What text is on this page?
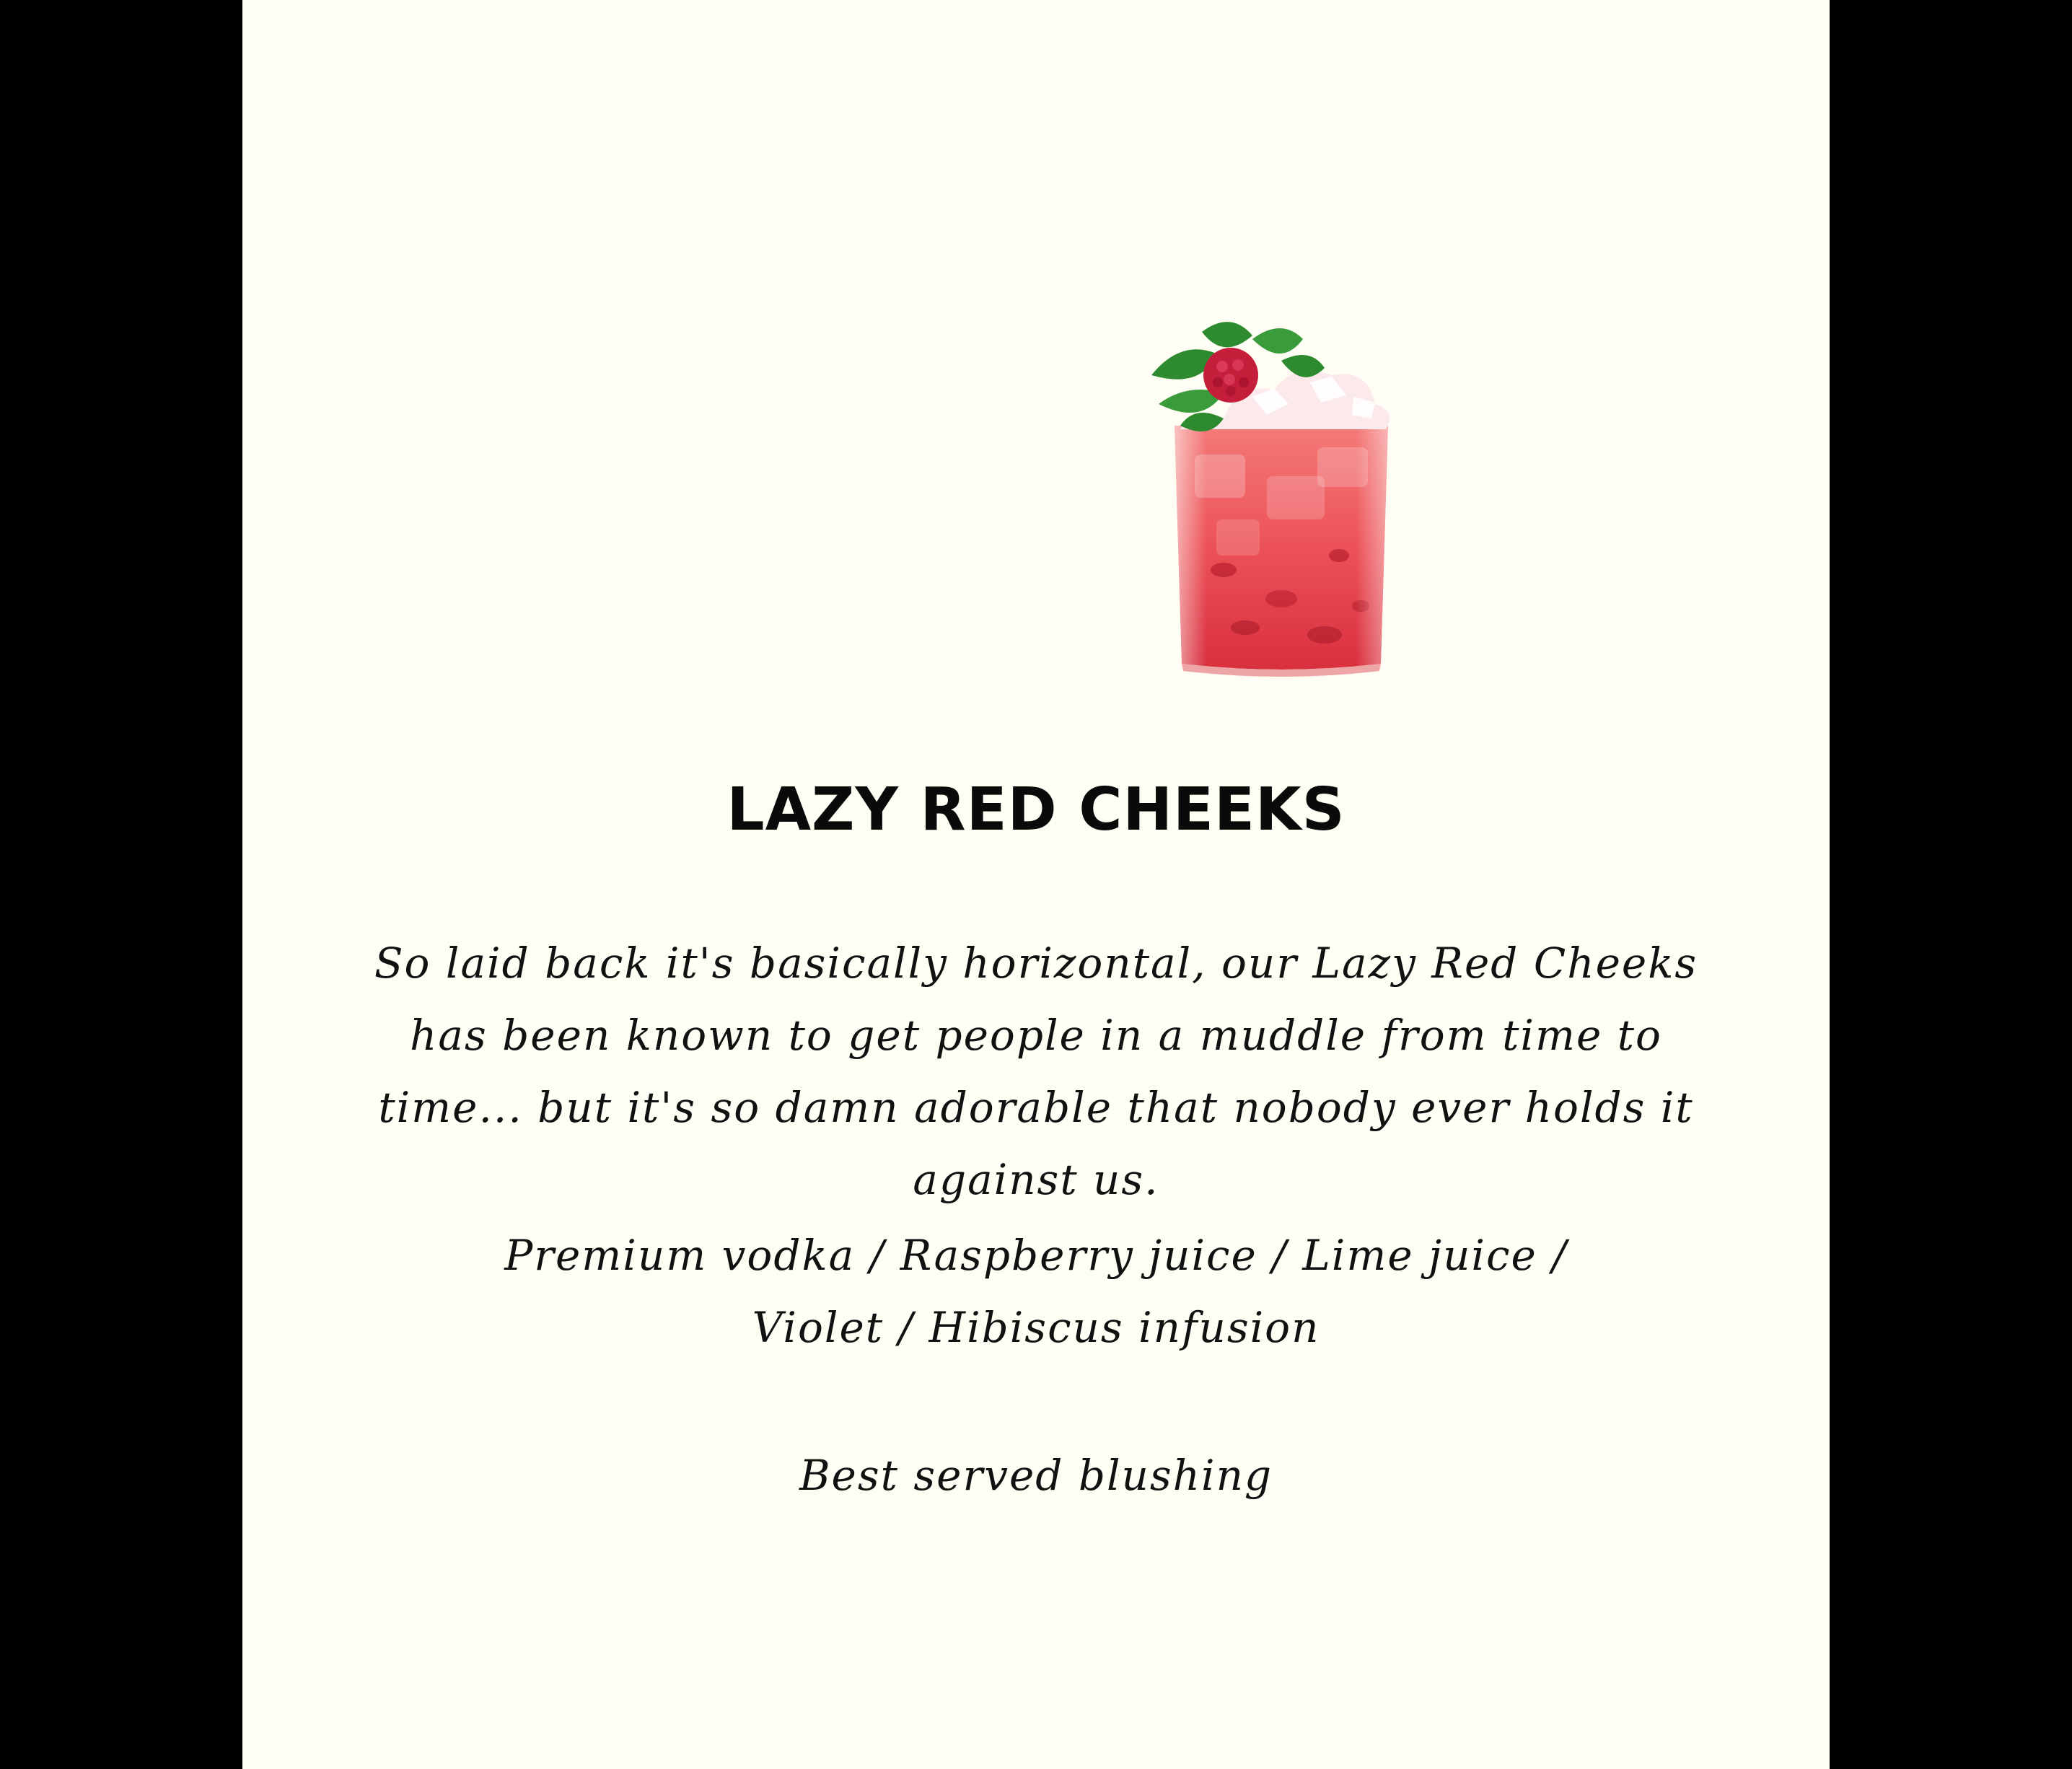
LAZY RED CHEEKS
So laid back it's basically horizontal, our Lazy Red Cheeks has been known to get people in a muddle from time to time... but it's so damn adorable that nobody ever holds it against us.
Premium vodka / Raspberry juice / Lime juice / Violet / Hibiscus infusion
Best served blushing
